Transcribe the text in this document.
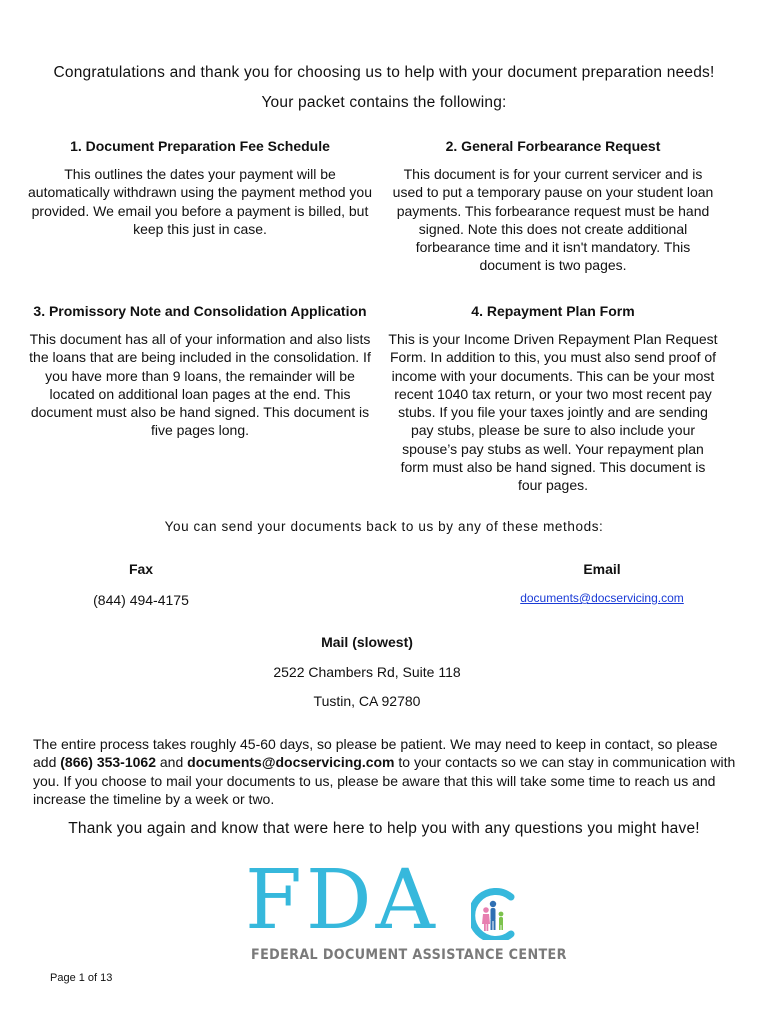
Congratulations and thank you for choosing us to help with your document preparation needs!
Your packet contains the following:
1. Document Preparation Fee Schedule

This outlines the dates your payment will be automatically withdrawn using the payment method you provided. We email you before a payment is billed, but keep this just in case.

2. General Forbearance Request

This document is for your current servicer and is used to put a temporary pause on your student loan payments. This forbearance request must be hand signed. Note this does not create additional forbearance time and it isn't mandatory. This document is two pages.

3. Promissory Note and Consolidation Application

This document has all of your information and also lists the loans that are being included in the consolidation. If you have more than 9 loans, the remainder will be located on additional loan pages at the end. This document must also be hand signed. This document is five pages long.

4. Repayment Plan Form

This is your Income Driven Repayment Plan Request Form. In addition to this, you must also send proof of income with your documents. This can be your most recent 1040 tax return, or your two most recent pay stubs. If you file your taxes jointly and are sending pay stubs, please be sure to also include your spouse’s pay stubs as well. Your repayment plan form must also be hand signed. This document is four pages.

You can send your documents back to us by any of these methods:
Fax	Email
(844) 494-4175	documents@docservicing.com
Mail (slowest)
2522 Chambers Rd, Suite 118
Tustin, CA 92780
The entire process takes roughly 45-60 days, so please be patient. We may need to keep in contact, so please add (866) 353-1062 and documents@docservicing.com to your contacts so we can stay in communication with you. If you choose to mail your documents to us, please be aware that this will take some time to reach us and increase the timeline by a week or two.
Thank you again and know that were here to help you with any questions you might have!
FDA
FEDERAL DOCUMENT ASSISTANCE CENTER
Page 1 of 13
